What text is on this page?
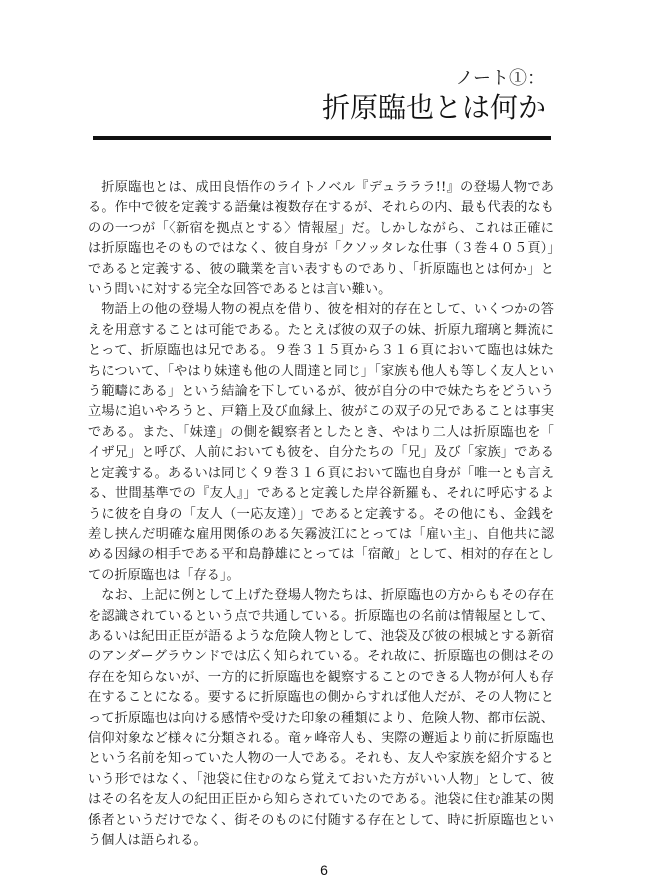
ノート①：
折原臨也とは何か

折原臨也とは、成田良悟作のライトノベル『デュラララ!!』の登場人物である。作中で彼を定義する語彙は複数存在するが、それらの内、最も代表的なものの一つが「〈新宿を拠点とする〉情報屋」だ。しかしながら、これは正確には折原臨也そのものではなく、彼自身が「クソッタレな仕事（３巻４０５頁）」であると定義する、彼の職業を言い表すものであり、「折原臨也とは何か」という問いに対する完全な回答であるとは言い難い。

物語上の他の登場人物の視点を借り、彼を相対的存在として、いくつかの答えを用意することは可能である。たとえば彼の双子の妹、折原九瑠璃と舞流にとって、折原臨也は兄である。９巻３１５頁から３１６頁において臨也は妹たちについて、「やはり妹達も他の人間達と同じ」「家族も他人も等しく友人という範疇にある」という結論を下しているが、彼が自分の中で妹たちをどういう立場に追いやろうと、戸籍上及び血縁上、彼がこの双子の兄であることは事実である。また、「妹達」の側を観察者としたとき、やはり二人は折原臨也を「イザ兄」と呼び、人前においても彼を、自分たちの「兄」及び「家族」であると定義する。あるいは同じく９巻３１６頁において臨也自身が「唯一とも言える、世間基準での『友人』」であると定義した岸谷新羅も、それに呼応するように彼を自身の「友人（一応友達）」であると定義する。その他にも、金銭を差し挟んだ明確な雇用関係のある矢霧波江にとっては「雇い主」、自他共に認める因縁の相手である平和島静雄にとっては「宿敵」として、相対的存在としての折原臨也は「存る」。

なお、上記に例として上げた登場人物たちは、折原臨也の方からもその存在を認識されているという点で共通している。折原臨也の名前は情報屋として、あるいは紀田正臣が語るような危険人物として、池袋及び彼の根城とする新宿のアンダーグラウンドでは広く知られている。それ故に、折原臨也の側はその存在を知らないが、一方的に折原臨也を観察することのできる人物が何人も存在することになる。要するに折原臨也の側からすれば他人だが、その人物にとって折原臨也は向ける感情や受けた印象の種類により、危険人物、都市伝説、信仰対象など様々に分類される。竜ヶ峰帝人も、実際の邂逅より前に折原臨也という名前を知っていた人物の一人である。それも、友人や家族を紹介するという形ではなく、「池袋に住むのなら覚えておいた方がいい人物」として、彼はその名を友人の紀田正臣から知らされていたのである。池袋に住む誰某の関係者というだけでなく、街そのものに付随する存在として、時に折原臨也という個人は語られる。

6
